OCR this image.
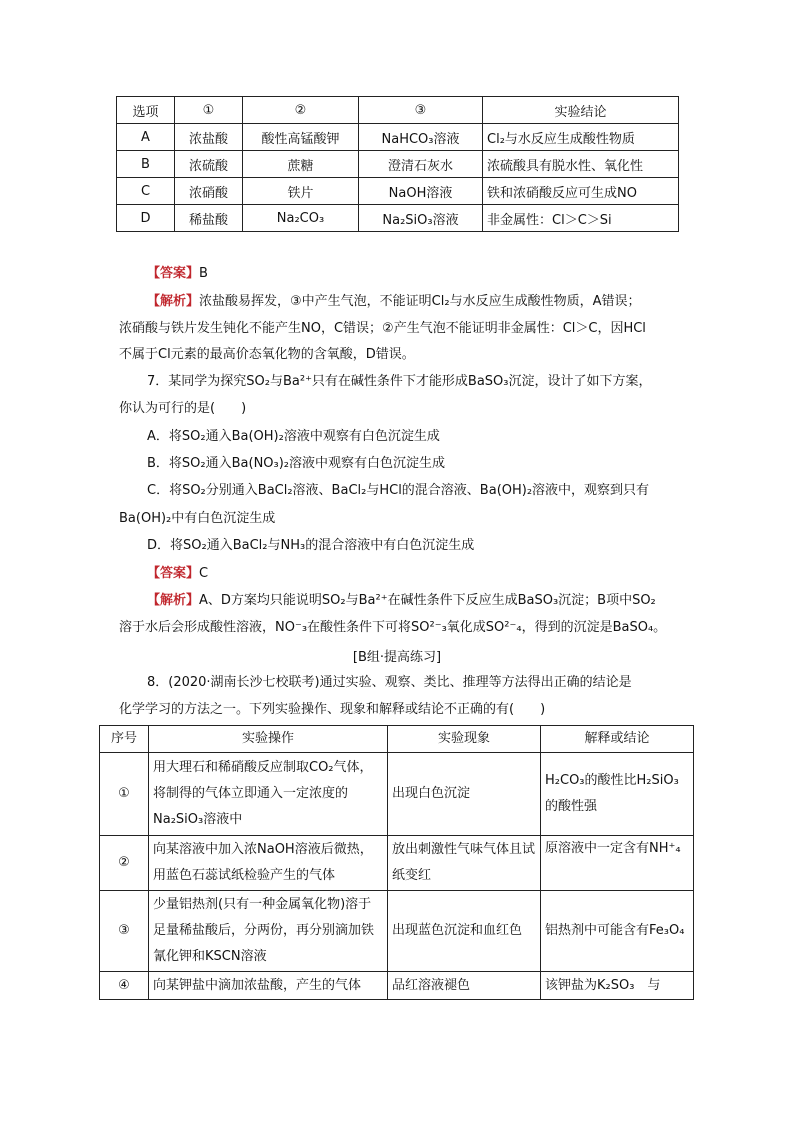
选项	①	②	③	实验结论
A	浓盐酸	酸性高锰酸钾	NaHCO₃溶液	Cl₂与水反应生成酸性物质
B	浓硫酸	蔗糖	澄清石灰水	浓硫酸具有脱水性、氧化性
C	浓硝酸	铁片	NaOH溶液	铁和浓硝酸反应可生成NO
D	稀盐酸	Na₂CO₃	Na₂SiO₃溶液	非金属性：Cl＞C＞Si
【答案】B
【解析】浓盐酸易挥发，③中产生气泡，不能证明Cl₂与水反应生成酸性物质，A错误；
浓硝酸与铁片发生钝化不能产生NO，C错误；②产生气泡不能证明非金属性：Cl＞C，因HCl
不属于Cl元素的最高价态氧化物的含氧酸，D错误。
7．某同学为探究SO₂与Ba²⁺只有在碱性条件下才能形成BaSO₃沉淀，设计了如下方案，
你认为可行的是(　　)
A．将SO₂通入Ba(OH)₂溶液中观察有白色沉淀生成
B．将SO₂通入Ba(NO₃)₂溶液中观察有白色沉淀生成
C．将SO₂分别通入BaCl₂溶液、BaCl₂与HCl的混合溶液、Ba(OH)₂溶液中，观察到只有
Ba(OH)₂中有白色沉淀生成
D．将SO₂通入BaCl₂与NH₃的混合溶液中有白色沉淀生成
【答案】C
【解析】A、D方案均只能说明SO₂与Ba²⁺在碱性条件下反应生成BaSO₃沉淀；B项中SO₂
溶于水后会形成酸性溶液，NO⁻₃在酸性条件下可将SO²⁻₃氧化成SO²⁻₄，得到的沉淀是BaSO₄。
[B组·提高练习]
8．(2020·湖南长沙七校联考)通过实验、观察、类比、推理等方法得出正确的结论是
化学学习的方法之一。下列实验操作、现象和解释或结论不正确的有(　　)
序号	实验操作	实验现象	解释或结论
①	用大理石和稀硝酸反应制取CO₂气体，将制得的气体立即通入一定浓度的Na₂SiO₃溶液中	出现白色沉淀	H₂CO₃的酸性比H₂SiO₃的酸性强
②	向某溶液中加入浓NaOH溶液后微热，用蓝色石蕊试纸检验产生的气体	放出刺激性气味气体且试纸变红	原溶液中一定含有NH⁺₄
③	少量铝热剂(只有一种金属氧化物)溶于足量稀盐酸后，分两份，再分别滴加铁氰化钾和KSCN溶液	出现蓝色沉淀和血红色	铝热剂中可能含有Fe₃O₄
④	向某钾盐中滴加浓盐酸，产生的气体	品红溶液褪色	该钾盐为K₂SO₃　与
